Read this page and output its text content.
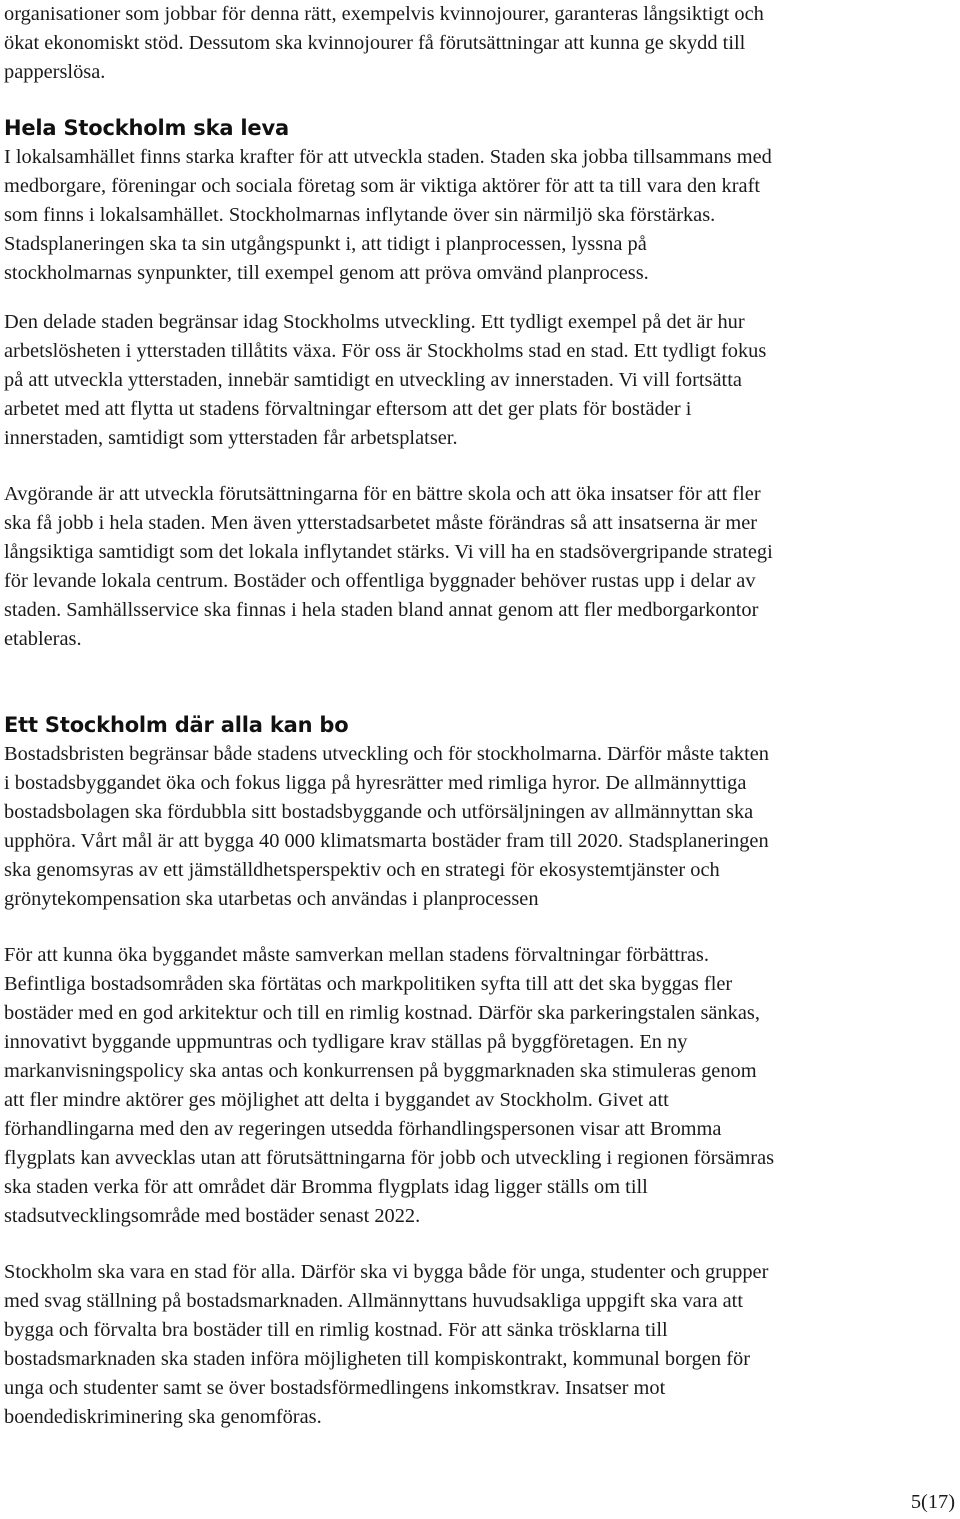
organisationer som jobbar för denna rätt, exempelvis kvinnojourer, garanteras långsiktigt och
ökat ekonomiskt stöd. Dessutom ska kvinnojourer få förutsättningar att kunna ge skydd till
papperslösa.
Hela Stockholm ska leva
I lokalsamhället finns starka krafter för att utveckla staden. Staden ska jobba tillsammans med
medborgare, föreningar och sociala företag som är viktiga aktörer för att ta till vara den kraft
som finns i lokalsamhället. Stockholmarnas inflytande över sin närmiljö ska förstärkas.
Stadsplaneringen ska ta sin utgångspunkt i, att tidigt i planprocessen, lyssna på
stockholmarnas synpunkter, till exempel genom att pröva omvänd planprocess.
Den delade staden begränsar idag Stockholms utveckling. Ett tydligt exempel på det är hur
arbetslösheten i ytterstaden tillåtits växa. För oss är Stockholms stad en stad. Ett tydligt fokus
på att utveckla ytterstaden, innebär samtidigt en utveckling av innerstaden. Vi vill fortsätta
arbetet med att flytta ut stadens förvaltningar eftersom att det ger plats för bostäder i
innerstaden, samtidigt som ytterstaden får arbetsplatser.
Avgörande är att utveckla förutsättningarna för en bättre skola och att öka insatser för att fler
ska få jobb i hela staden. Men även ytterstadsarbetet måste förändras så att insatserna är mer
långsiktiga samtidigt som det lokala inflytandet stärks. Vi vill ha en stadsövergripande strategi
för levande lokala centrum. Bostäder och offentliga byggnader behöver rustas upp i delar av
staden. Samhällsservice ska finnas i hela staden bland annat genom att fler medborgarkontor
etableras.
Ett Stockholm där alla kan bo
Bostadsbristen begränsar både stadens utveckling och för stockholmarna. Därför måste takten
i bostadsbyggandet öka och fokus ligga på hyresrätter med rimliga hyror. De allmännyttiga
bostadsbolagen ska fördubbla sitt bostadsbyggande och utförsäljningen av allmännyttan ska
upphöra. Vårt mål är att bygga 40 000 klimatsmarta bostäder fram till 2020. Stadsplaneringen
ska genomsyras av ett jämställdhetsperspektiv och en strategi för ekosystemtjänster och
grönytekompensation ska utarbetas och användas i planprocessen
För att kunna öka byggandet måste samverkan mellan stadens förvaltningar förbättras.
Befintliga bostadsområden ska förtätas och markpolitiken syfta till att det ska byggas fler
bostäder med en god arkitektur och till en rimlig kostnad. Därför ska parkeringstalen sänkas,
innovativt byggande uppmuntras och tydligare krav ställas på byggföretagen. En ny
markanvisningspolicy ska antas och konkurrensen på byggmarknaden ska stimuleras genom
att fler mindre aktörer ges möjlighet att delta i byggandet av Stockholm. Givet att
förhandlingarna med den av regeringen utsedda förhandlingspersonen visar att Bromma
flygplats kan avvecklas utan att förutsättningarna för jobb och utveckling i regionen försämras
ska staden verka för att området där Bromma flygplats idag ligger ställs om till
stadsutvecklingsområde med bostäder senast 2022.
Stockholm ska vara en stad för alla. Därför ska vi bygga både för unga, studenter och grupper
med svag ställning på bostadsmarknaden. Allmännyttans huvudsakliga uppgift ska vara att
bygga och förvalta bra bostäder till en rimlig kostnad. För att sänka trösklarna till
bostadsmarknaden ska staden införa möjligheten till kompiskontrakt, kommunal borgen för
unga och studenter samt se över bostadsförmedlingens inkomstkrav. Insatser mot
boendediskriminering ska genomföras.
5(17)
